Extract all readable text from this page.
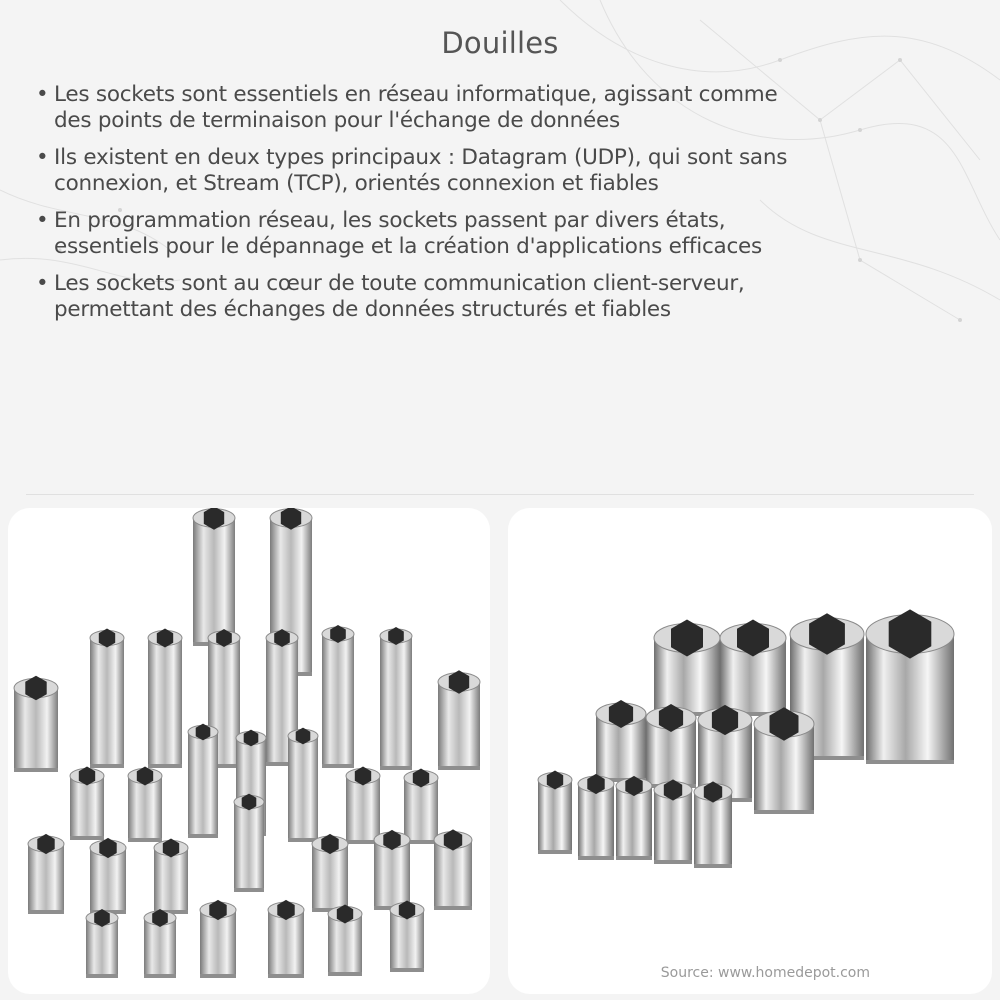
Douilles
• Les sockets sont essentiels en réseau informatique, agissant comme
des points de terminaison pour l'échange de données
• Ils existent en deux types principaux : Datagram (UDP), qui sont sans
connexion, et Stream (TCP), orientés connexion et fiables
• En programmation réseau, les sockets passent par divers états,
essentiels pour le dépannage et la création d'applications efficaces
• Les sockets sont au cœur de toute communication client-serveur,
permettant des échanges de données structurés et fiables
Source: www.homedepot.com
